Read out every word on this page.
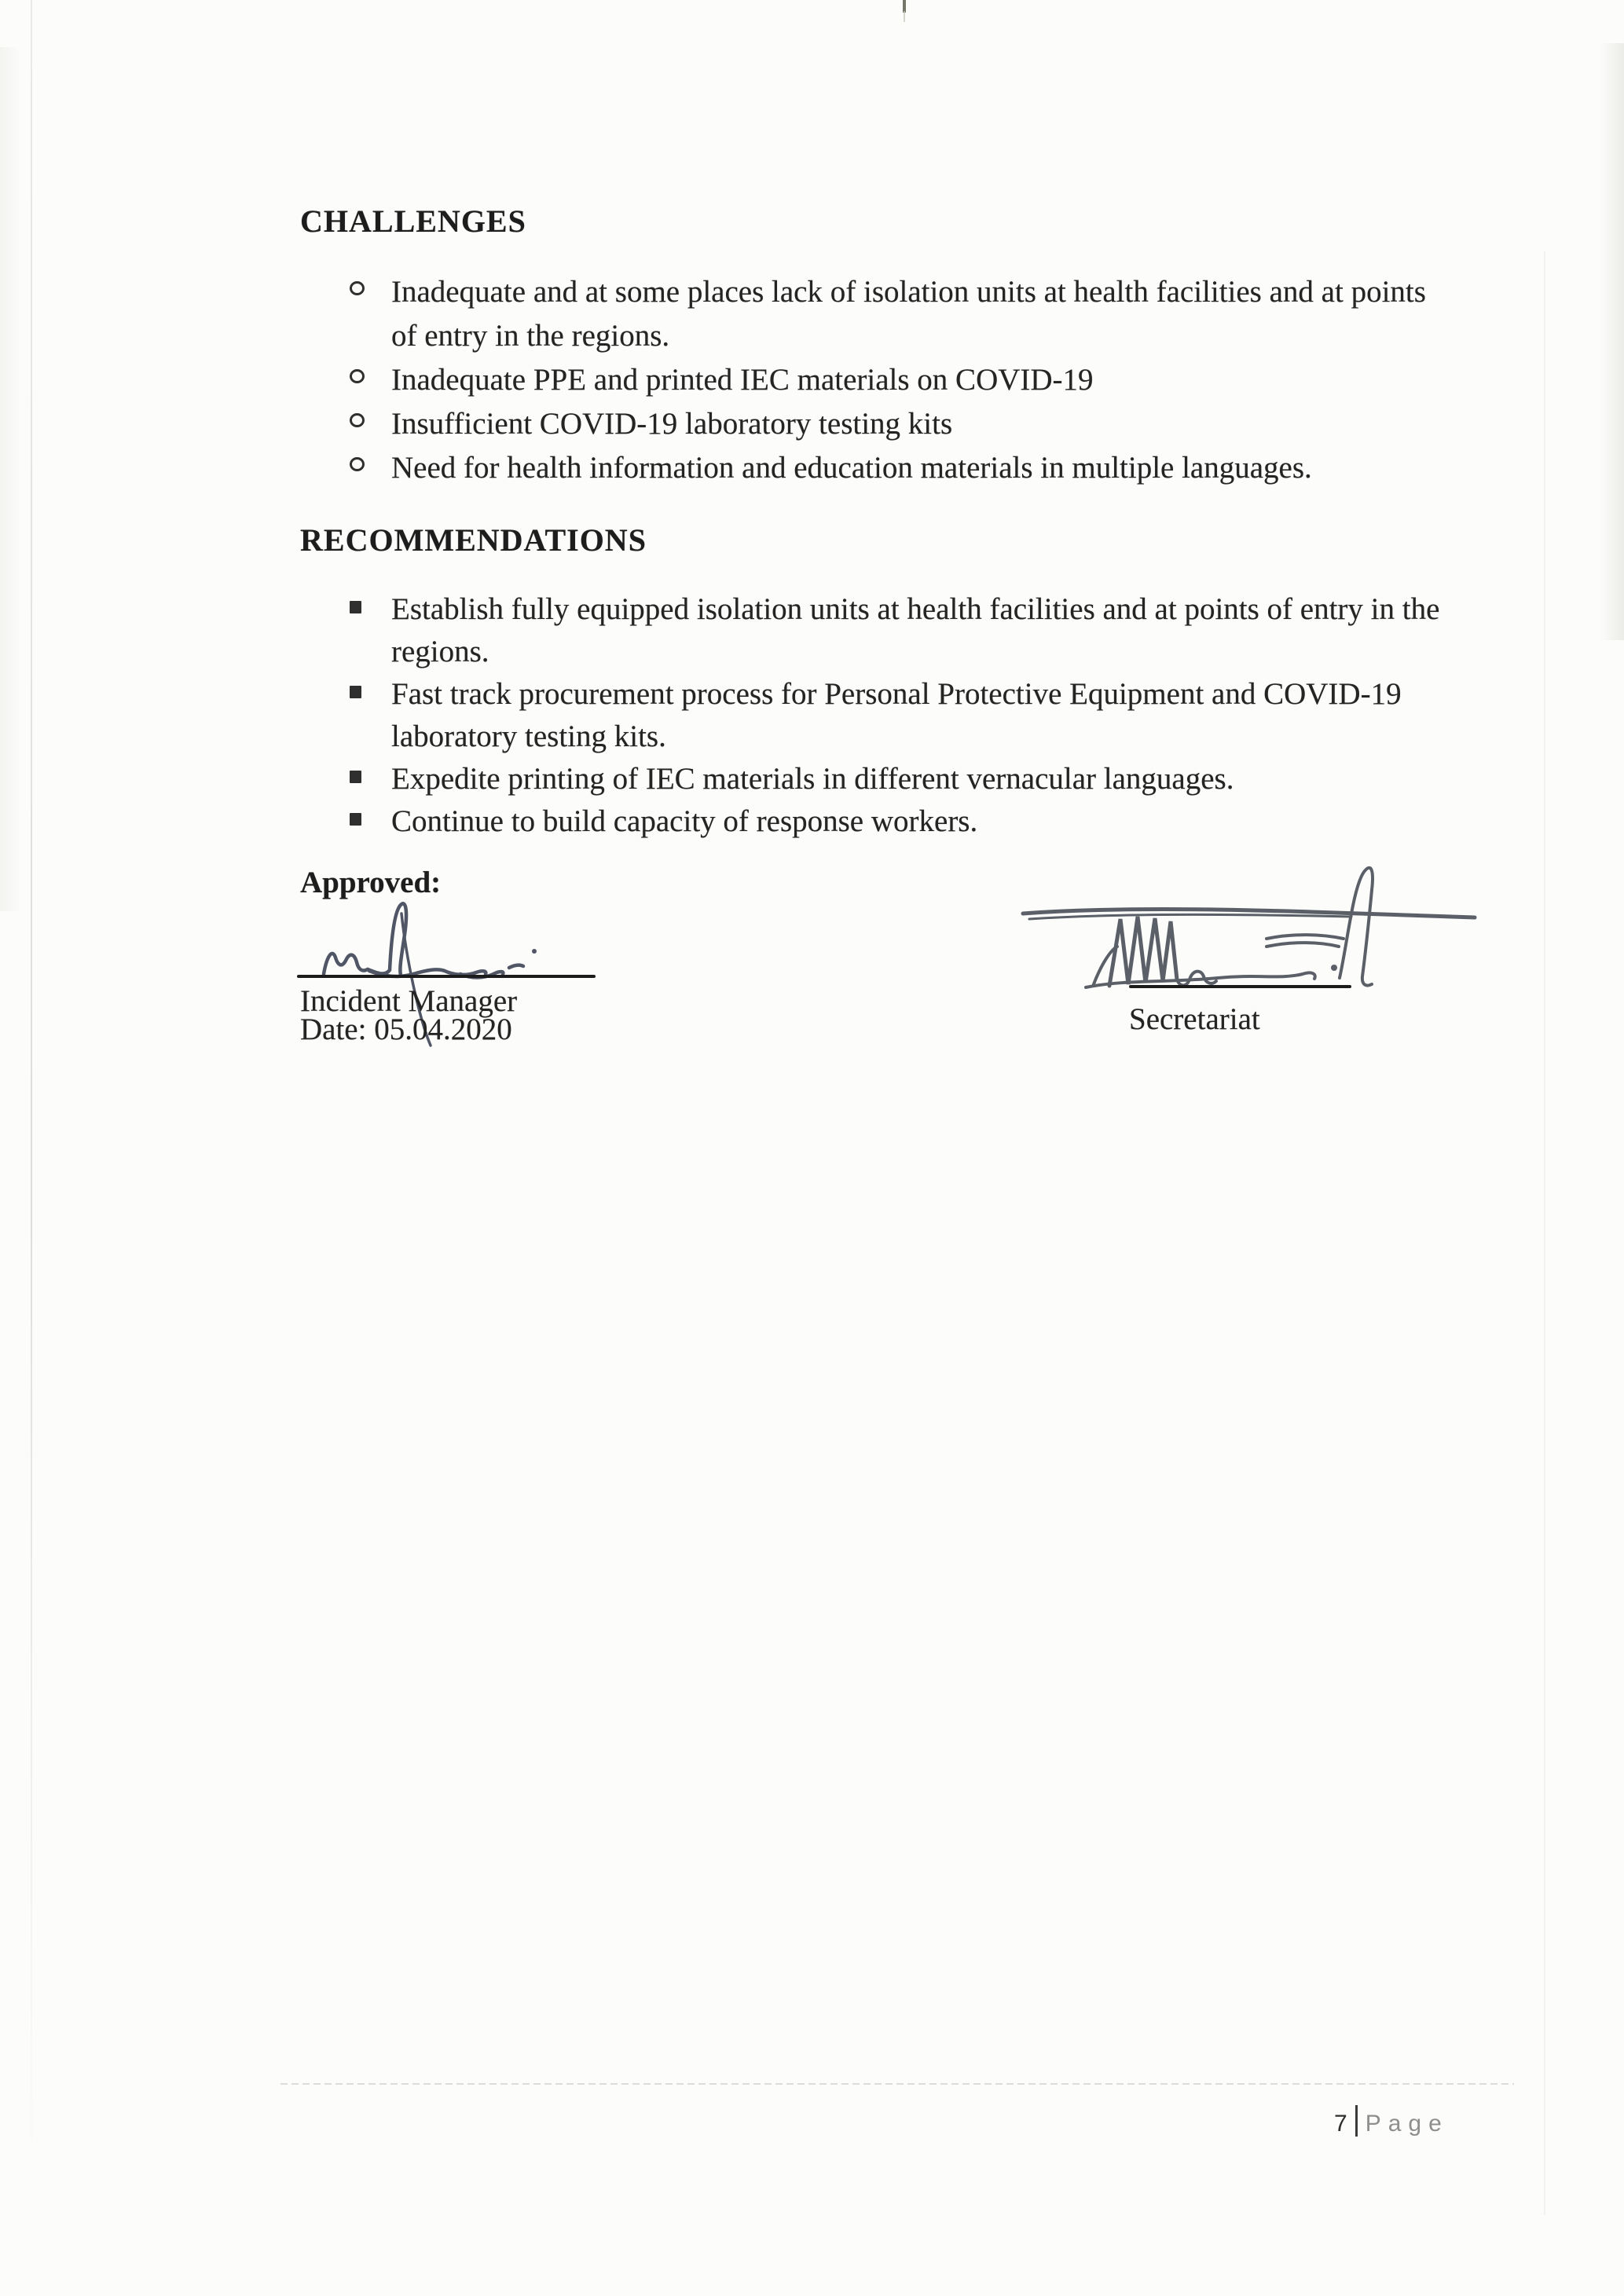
CHALLENGES
Inadequate and at some places lack of isolation units at health facilities and at points
of entry in the regions.
Inadequate PPE and printed IEC materials on COVID-19
Insufficient COVID-19 laboratory testing kits
Need for health information and education materials in multiple languages.
RECOMMENDATIONS
Establish fully equipped isolation units at health facilities and at points of entry in the
regions.
Fast track procurement process for Personal Protective Equipment and COVID-19
laboratory testing kits.
Expedite printing of IEC materials in different vernacular languages.
Continue to build capacity of response workers.
Approved:
Incident Manager
Date: 05.04.2020	Secretariat
7 Page
